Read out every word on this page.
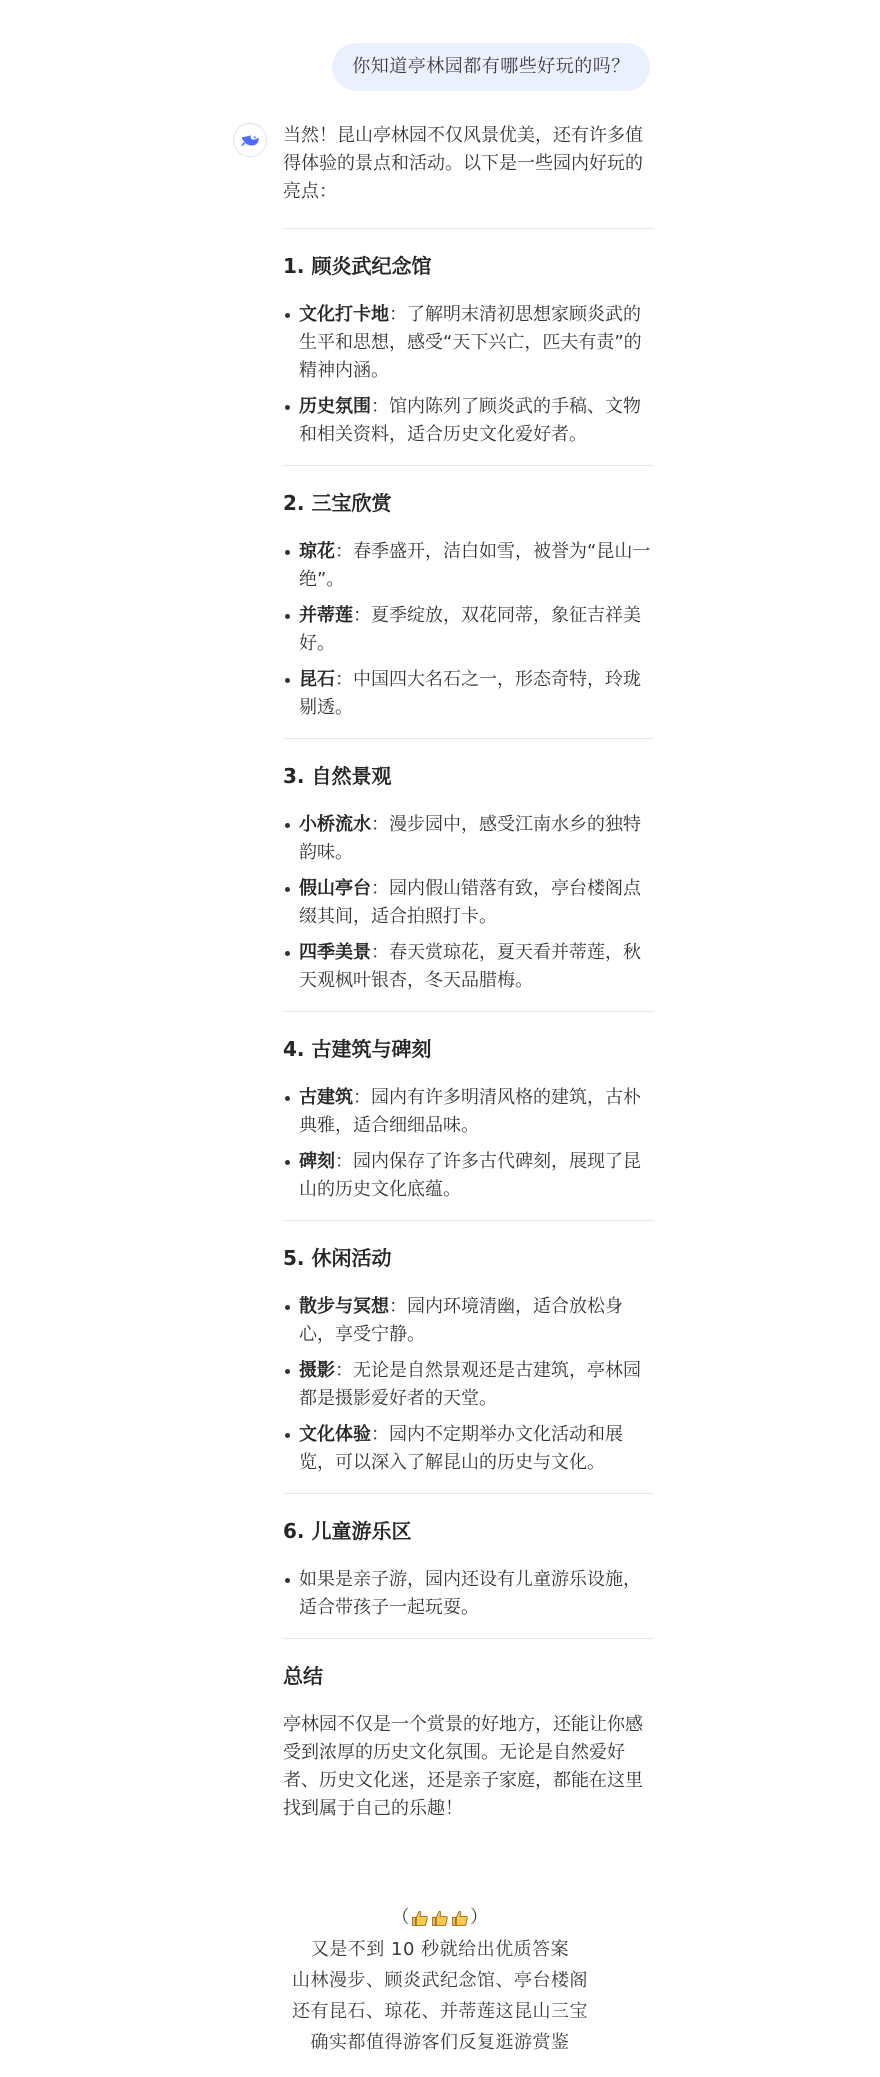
你知道亭林园都有哪些好玩的吗？

当然！昆山亭林园不仅风景优美，还有许多值得体验的景点和活动。以下是一些园内好玩的亮点：

1. 顾炎武纪念馆

文化打卡地：了解明末清初思想家顾炎武的生平和思想，感受“天下兴亡，匹夫有责”的精神内涵。
历史氛围：馆内陈列了顾炎武的手稿、文物和相关资料，适合历史文化爱好者。

2. 三宝欣赏

琼花：春季盛开，洁白如雪，被誉为“昆山一绝”。
并蒂莲：夏季绽放，双花同蒂，象征吉祥美好。
昆石：中国四大名石之一，形态奇特，玲珑剔透。

3. 自然景观

小桥流水：漫步园中，感受江南水乡的独特韵味。
假山亭台：园内假山错落有致，亭台楼阁点缀其间，适合拍照打卡。
四季美景：春天赏琼花，夏天看并蒂莲，秋天观枫叶银杏，冬天品腊梅。

4. 古建筑与碑刻

古建筑：园内有许多明清风格的建筑，古朴典雅，适合细细品味。
碑刻：园内保存了许多古代碑刻，展现了昆山的历史文化底蕴。

5. 休闲活动

散步与冥想：园内环境清幽，适合放松身心，享受宁静。
摄影：无论是自然景观还是古建筑，亭林园都是摄影爱好者的天堂。
文化体验：园内不定期举办文化活动和展览，可以深入了解昆山的历史与文化。

6. 儿童游乐区

如果是亲子游，园内还设有儿童游乐设施，适合带孩子一起玩耍。

总结

亭林园不仅是一个赏景的好地方，还能让你感受到浓厚的历史文化氛围。无论是自然爱好者、历史文化迷，还是亲子家庭，都能在这里找到属于自己的乐趣！

（	）
又是不到 10 秒就给出优质答案
山林漫步、顾炎武纪念馆、亭台楼阁
还有昆石、琼花、并蒂莲这昆山三宝
确实都值得游客们反复逛游赏鉴
